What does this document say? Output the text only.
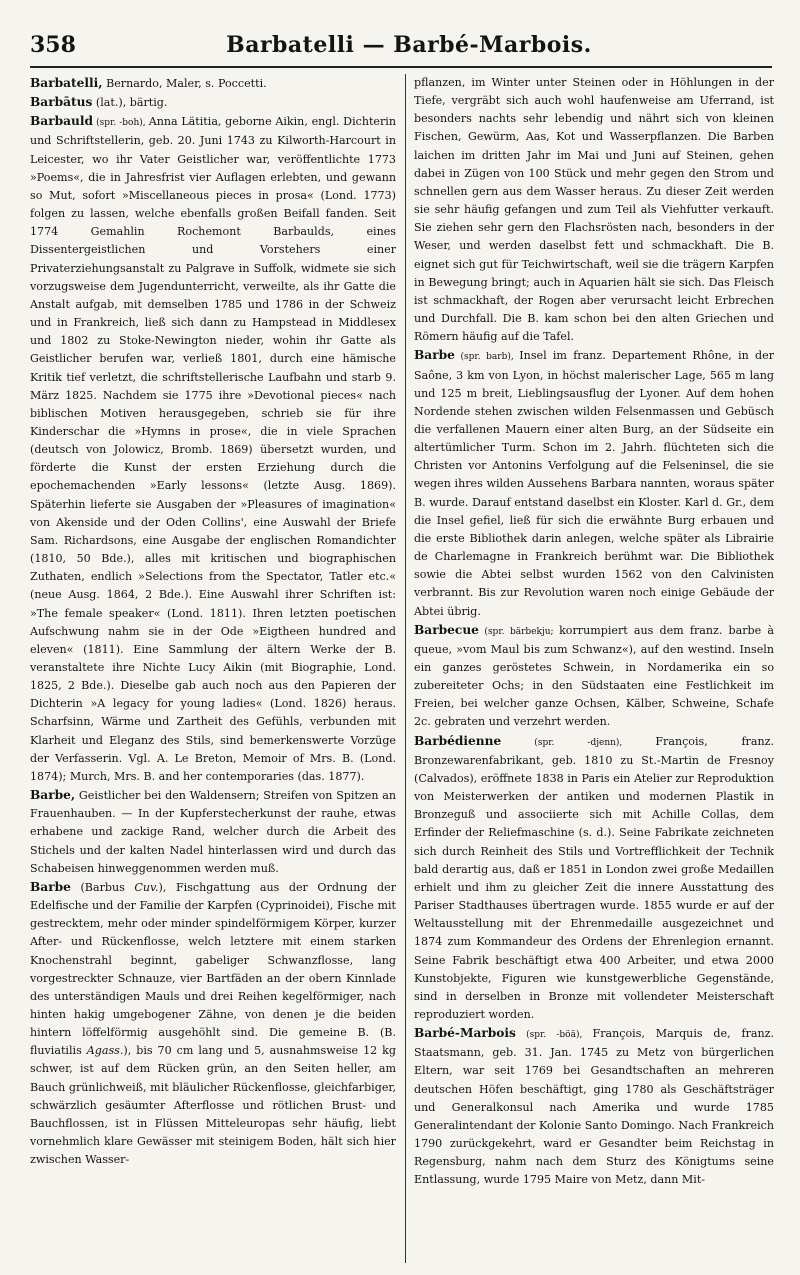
358	Barbatelli — Barbé-Marbois.

Barbatelli, Bernardo, Maler, s. Poccetti.

Barbātus (lat.), bärtig.

Barbauld (spr. -boh), Anna Lätitia, geborne Aikin, engl. Dichterin und Schriftstellerin, geb. 20. Juni 1743 zu Kilworth-Harcourt in Leicester, wo ihr Vater Geistlicher war, veröffentlichte 1773 »Poems«, die in Jahresfrist vier Auflagen erlebten, und gewann so Mut, sofort »Miscellaneous pieces in prosa« (Lond. 1773) folgen zu lassen, welche ebenfalls großen Beifall fanden. Seit 1774 Gemahlin Rochemont Barbaulds, eines Dissentergeistlichen und Vorstehers einer Privaterziehungsanstalt zu Palgrave in Suffolk, widmete sie sich vorzugsweise dem Jugendunterricht, verweilte, als ihr Gatte die Anstalt aufgab, mit demselben 1785 und 1786 in der Schweiz und in Frankreich, ließ sich dann zu Hampstead in Middlesex und 1802 zu Stoke-Newington nieder, wohin ihr Gatte als Geistlicher berufen war, verließ 1801, durch eine hämische Kritik tief verletzt, die schriftstellerische Laufbahn und starb 9. März 1825. Nachdem sie 1775 ihre »Devotional pieces« nach biblischen Motiven herausgegeben, schrieb sie für ihre Kinderschar die »Hymns in prose«, die in viele Sprachen (deutsch von Jolowicz, Bromb. 1869) übersetzt wurden, und förderte die Kunst der ersten Erziehung durch die epochemachenden »Early lessons« (letzte Ausg. 1869). Späterhin lieferte sie Ausgaben der »Pleasures of imagination« von Akenside und der Oden Collins', eine Auswahl der Briefe Sam. Richardsons, eine Ausgabe der englischen Romandichter (1810, 50 Bde.), alles mit kritischen und biographischen Zuthaten, endlich »Selections from the Spectator, Tatler etc.« (neue Ausg. 1864, 2 Bde.). Eine Auswahl ihrer Schriften ist: »The female speaker« (Lond. 1811). Ihren letzten poetischen Aufschwung nahm sie in der Ode »Eigtheen hundred and eleven« (1811). Eine Sammlung der ältern Werke der B. veranstaltete ihre Nichte Lucy Aikin (mit Biographie, Lond. 1825, 2 Bde.). Dieselbe gab auch noch aus den Papieren der Dichterin »A legacy for young ladies« (Lond. 1826) heraus. Scharfsinn, Wärme und Zartheit des Gefühls, verbunden mit Klarheit und Eleganz des Stils, sind bemerkenswerte Vorzüge der Verfasserin. Vgl. A. Le Breton, Memoir of Mrs. B. (Lond. 1874); Murch, Mrs. B. and her contemporaries (das. 1877).

Barbe, Geistlicher bei den Waldensern; Streifen von Spitzen an Frauenhauben. — In der Kupferstecherkunst der rauhe, etwas erhabene und zackige Rand, welcher durch die Arbeit des Stichels und der kalten Nadel hinterlassen wird und durch das Schabeisen hinweggenommen werden muß.

Barbe (Barbus Cuv.), Fischgattung aus der Ordnung der Edelfische und der Familie der Karpfen (Cyprinoidei), Fische mit gestrecktem, mehr oder minder spindelförmigem Körper, kurzer After- und Rückenflosse, welch letztere mit einem starken Knochenstrahl beginnt, gabeliger Schwanzflosse, lang vorgestreckter Schnauze, vier Bartfäden an der obern Kinnlade des unterständigen Mauls und drei Reihen kegelförmiger, nach hinten hakig umgebogener Zähne, von denen je die beiden hintern löffelförmig ausgehöhlt sind. Die gemeine B. (B. fluviatilis Agass.), bis 70 cm lang und 5, ausnahmsweise 12 kg schwer, ist auf dem Rücken grün, an den Seiten heller, am Bauch grünlichweiß, mit bläulicher Rückenflosse, gleichfarbiger, schwärzlich gesäumter Afterflosse und rötlichen Brust- und Bauchflossen, ist in Flüssen Mitteleuropas sehr häufig, liebt vornehmlich klare Gewässer mit steinigem Boden, hält sich hier zwischen Wasser-

pflanzen, im Winter unter Steinen oder in Höhlungen in der Tiefe, vergräbt sich auch wohl haufenweise am Uferrand, ist besonders nachts sehr lebendig und nährt sich von kleinen Fischen, Gewürm, Aas, Kot und Wasserpflanzen. Die Barben laichen im dritten Jahr im Mai und Juni auf Steinen, gehen dabei in Zügen von 100 Stück und mehr gegen den Strom und schnellen gern aus dem Wasser heraus. Zu dieser Zeit werden sie sehr häufig gefangen und zum Teil als Viehfutter verkauft. Sie ziehen sehr gern den Flachsrösten nach, besonders in der Weser, und werden daselbst fett und schmackhaft. Die B. eignet sich gut für Teichwirtschaft, weil sie die trägern Karpfen in Bewegung bringt; auch in Aquarien hält sie sich. Das Fleisch ist schmackhaft, der Rogen aber verursacht leicht Erbrechen und Durchfall. Die B. kam schon bei den alten Griechen und Römern häufig auf die Tafel.

Barbe (spr. barb), Insel im franz. Departement Rhône, in der Saône, 3 km von Lyon, in höchst malerischer Lage, 565 m lang und 125 m breit, Lieblingsausflug der Lyoner. Auf dem hohen Nordende stehen zwischen wilden Felsenmassen und Gebüsch die verfallenen Mauern einer alten Burg, an der Südseite ein altertümlicher Turm. Schon im 2. Jahrh. flüchteten sich die Christen vor Antonins Verfolgung auf die Felseninsel, die sie wegen ihres wilden Aussehens Barbara nannten, woraus später B. wurde. Darauf entstand daselbst ein Kloster. Karl d. Gr., dem die Insel gefiel, ließ für sich die erwähnte Burg erbauen und die erste Bibliothek darin anlegen, welche später als Librairie de Charlemagne in Frankreich berühmt war. Die Bibliothek sowie die Abtei selbst wurden 1562 von den Calvinisten verbrannt. Bis zur Revolution waren noch einige Gebäude der Abtei übrig.

Barbecue (spr. bärbekju; korrumpiert aus dem franz. barbe à queue, »vom Maul bis zum Schwanz«), auf den westind. Inseln ein ganzes geröstetes Schwein, in Nordamerika ein so zubereiteter Ochs; in den Südstaaten eine Festlichkeit im Freien, bei welcher ganze Ochsen, Kälber, Schweine, Schafe 2c. gebraten und verzehrt werden.

Barbédienne (spr. -djenn), François, franz. Bronzewarenfabrikant, geb. 1810 zu St.-Martin de Fresnoy (Calvados), eröffnete 1838 in Paris ein Atelier zur Reproduktion von Meisterwerken der antiken und modernen Plastik in Bronzeguß und associierte sich mit Achille Collas, dem Erfinder der Reliefmaschine (s. d.). Seine Fabrikate zeichneten sich durch Reinheit des Stils und Vortrefflichkeit der Technik bald derartig aus, daß er 1851 in London zwei große Medaillen erhielt und ihm zu gleicher Zeit die innere Ausstattung des Pariser Stadthauses übertragen wurde. 1855 wurde er auf der Weltausstellung mit der Ehrenmedaille ausgezeichnet und 1874 zum Kommandeur des Ordens der Ehrenlegion ernannt. Seine Fabrik beschäftigt etwa 400 Arbeiter, und etwa 2000 Kunstobjekte, Figuren wie kunstgewerbliche Gegenstände, sind in derselben in Bronze mit vollendeter Meisterschaft reproduziert worden.

Barbé-Marbois (spr. -böä), François, Marquis de, franz. Staatsmann, geb. 31. Jan. 1745 zu Metz von bürgerlichen Eltern, war seit 1769 bei Gesandtschaften an mehreren deutschen Höfen beschäftigt, ging 1780 als Geschäftsträger und Generalkonsul nach Amerika und wurde 1785 Generalintendant der Kolonie Santo Domingo. Nach Frankreich 1790 zurückgekehrt, ward er Gesandter beim Reichstag in Regensburg, nahm nach dem Sturz des Königtums seine Entlassung, wurde 1795 Maire von Metz, dann Mit-
